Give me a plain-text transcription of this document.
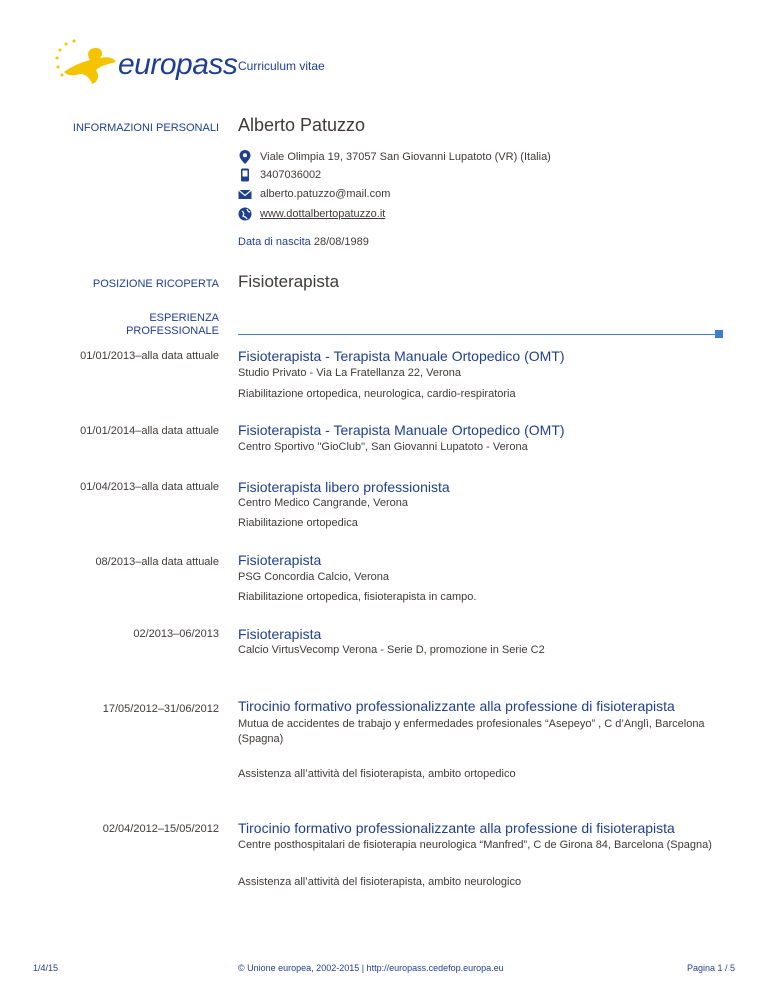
europass Curriculum vitae
INFORMAZIONI PERSONALI Alberto Patuzzo
Viale Olimpia 19, 37057 San Giovanni Lupatoto (VR) (Italia)
3407036002
alberto.patuzzo@mail.com
www.dottalbertopatuzzo.it
Data di nascita 28/08/1989
POSIZIONE RICOPERTA Fisioterapista
ESPERIENZA
PROFESSIONALE
01/01/2013–alla data attuale Fisioterapista - Terapista Manuale Ortopedico (OMT)
Studio Privato - Via La Fratellanza 22, Verona
Riabilitazione ortopedica, neurologica, cardio-respiratoria
01/01/2014–alla data attuale Fisioterapista - Terapista Manuale Ortopedico (OMT)
Centro Sportivo "GioClub", San Giovanni Lupatoto - Verona
01/04/2013–alla data attuale Fisioterapista libero professionista
Centro Medico Cangrande, Verona
Riabilitazione ortopedica
08/2013–alla data attuale Fisioterapista
PSG Concordia Calcio, Verona
Riabilitazione ortopedica, fisioterapista in campo.
02/2013–06/2013 Fisioterapista
Calcio VirtusVecomp Verona - Serie D, promozione in Serie C2
17/05/2012–31/06/2012 Tirocinio formativo professionalizzante alla professione di fisioterapista
Mutua de accidentes de trabajo y enfermedades profesionales “Asepeyo” , C d’Anglì, Barcelona (Spagna)
Assistenza all’attività del fisioterapista, ambito ortopedico
02/04/2012–15/05/2012 Tirocinio formativo professionalizzante alla professione di fisioterapista
Centre posthospitalari de fisioterapia neurologica “Manfred”, C de Girona 84, Barcelona (Spagna)
Assistenza all’attività del fisioterapista, ambito neurologico
1/4/15	© Unione europea, 2002-2015 | http://europass.cedefop.europa.eu	Pagina 1 / 5
